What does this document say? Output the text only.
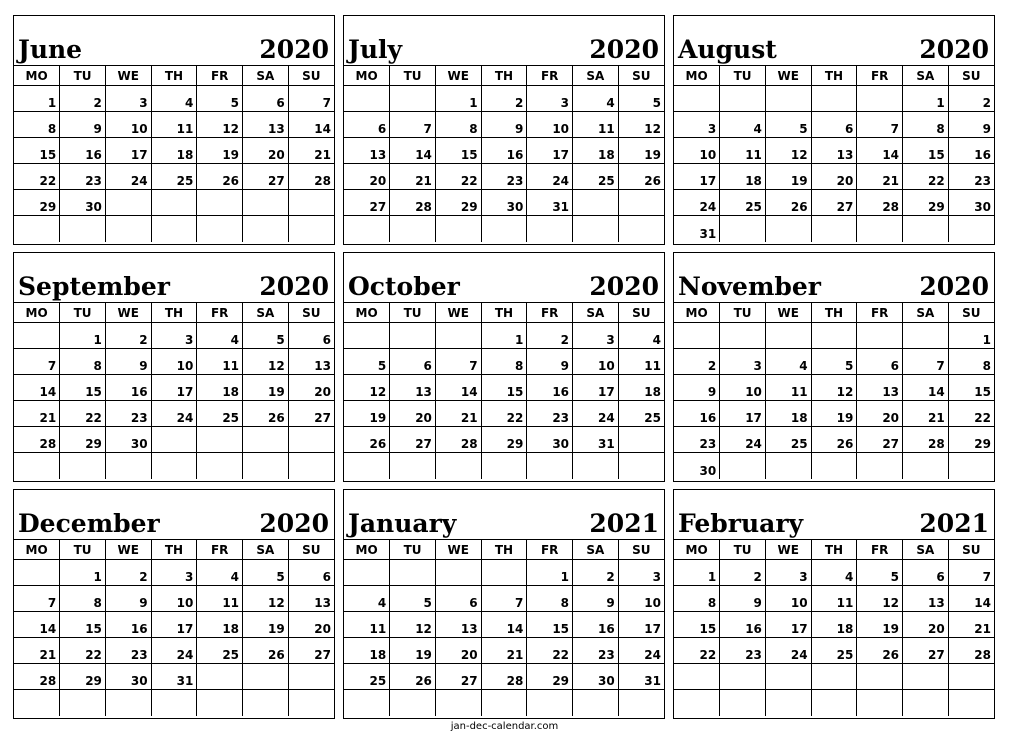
June	2020
MO	TU	WE	TH	FR	SA	SU
1	2	3	4	5	6	7
8	9	10	11	12	13	14
15	16	17	18	19	20	21
22	23	24	25	26	27	28
29	30					

July	2020
MO	TU	WE	TH	FR	SA	SU
		1	2	3	4	5
6	7	8	9	10	11	12
13	14	15	16	17	18	19
20	21	22	23	24	25	26
27	28	29	30	31		

August	2020
MO	TU	WE	TH	FR	SA	SU
					1	2
3	4	5	6	7	8	9
10	11	12	13	14	15	16
17	18	19	20	21	22	23
24	25	26	27	28	29	30
31						
September	2020
MO	TU	WE	TH	FR	SA	SU
	1	2	3	4	5	6
7	8	9	10	11	12	13
14	15	16	17	18	19	20
21	22	23	24	25	26	27
28	29	30				

October	2020
MO	TU	WE	TH	FR	SA	SU
			1	2	3	4
5	6	7	8	9	10	11
12	13	14	15	16	17	18
19	20	21	22	23	24	25
26	27	28	29	30	31	

November	2020
MO	TU	WE	TH	FR	SA	SU
						1
2	3	4	5	6	7	8
9	10	11	12	13	14	15
16	17	18	19	20	21	22
23	24	25	26	27	28	29
30						
December	2020
MO	TU	WE	TH	FR	SA	SU
	1	2	3	4	5	6
7	8	9	10	11	12	13
14	15	16	17	18	19	20
21	22	23	24	25	26	27
28	29	30	31			

January	2021
MO	TU	WE	TH	FR	SA	SU
				1	2	3
4	5	6	7	8	9	10
11	12	13	14	15	16	17
18	19	20	21	22	23	24
25	26	27	28	29	30	31

February	2021
MO	TU	WE	TH	FR	SA	SU
1	2	3	4	5	6	7
8	9	10	11	12	13	14
15	16	17	18	19	20	21
22	23	24	25	26	27	28

jan-dec-calendar.com
